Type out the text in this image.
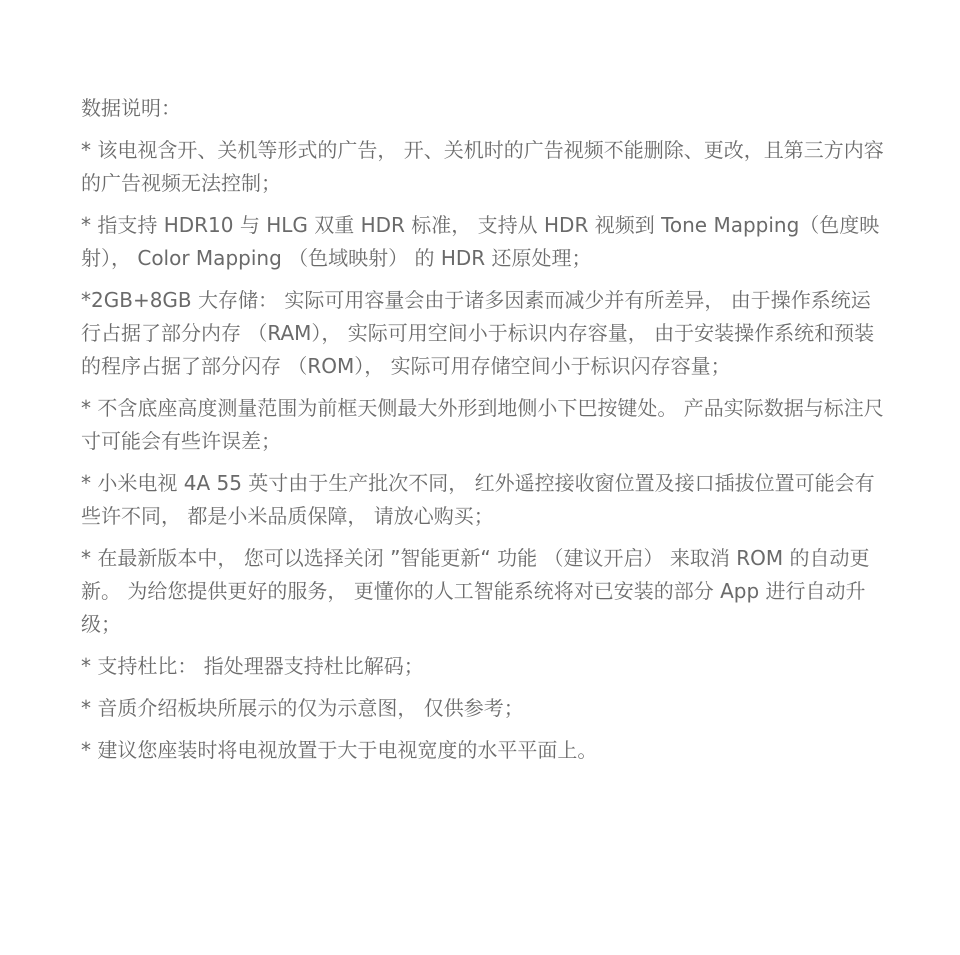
数据说明：
* 该电视含开、关机等形式的广告， 开、关机时的广告视频不能删除、更改，且第三方内容的广告视频无法控制；
* 指支持 HDR10 与 HLG 双重 HDR 标准， 支持从 HDR 视频到 Tone Mapping（色度映射）， Color Mapping （色域映射） 的 HDR 还原处理；
*2GB+8GB 大存储： 实际可用容量会由于诸多因素而减少并有所差异， 由于操作系统运行占据了部分内存 （RAM）， 实际可用空间小于标识内存容量， 由于安装操作系统和预装的程序占据了部分闪存 （ROM）， 实际可用存储空间小于标识闪存容量；
* 不含底座高度测量范围为前框天侧最大外形到地侧小下巴按键处。 产品实际数据与标注尺寸可能会有些许误差；
* 小米电视 4A 55 英寸由于生产批次不同， 红外遥控接收窗位置及接口插拔位置可能会有些许不同， 都是小米品质保障， 请放心购买；
* 在最新版本中， 您可以选择关闭 ”智能更新“ 功能 （建议开启） 来取消 ROM 的自动更新。 为给您提供更好的服务， 更懂你的人工智能系统将对已安装的部分 App 进行自动升级；
* 支持杜比： 指处理器支持杜比解码；
* 音质介绍板块所展示的仅为示意图， 仅供参考；
* 建议您座装时将电视放置于大于电视宽度的水平平面上。
